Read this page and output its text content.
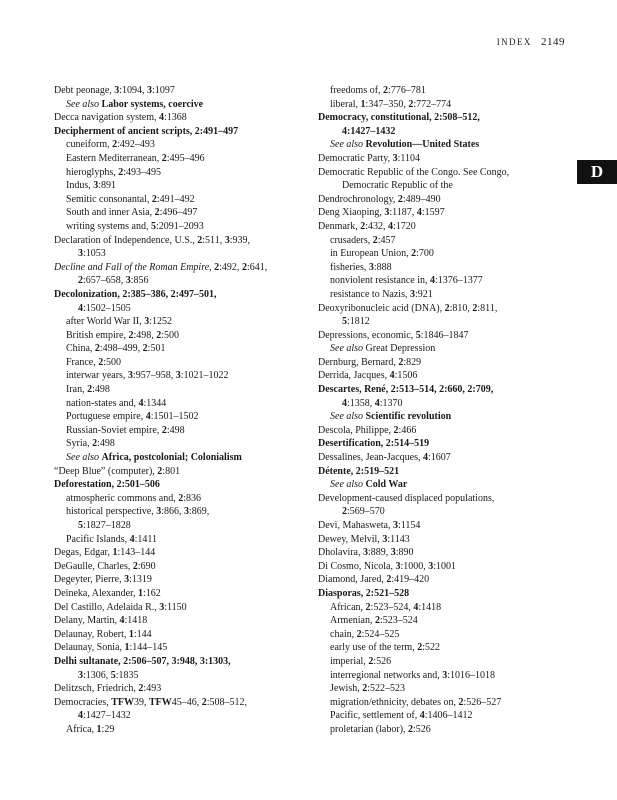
INDEX 2149
D
Debt peonage, 3:1094, 3:1097
See also Labor systems, coercive
Decca navigation system, 4:1368
Decipherment of ancient scripts, 2:491–497
cuneiform, 2:492–493
Eastern Mediterranean, 2:495–496
hieroglyphs, 2:493–495
Indus, 3:891
Semitic consonantal, 2:491–492
South and inner Asia, 2:496–497
writing systems and, 5:2091–2093
Declaration of Independence, U.S., 2:511, 3:939,
3:1053
Decline and Fall of the Roman Empire, 2:492, 2:641,
2:657–658, 3:856
Decolonization, 2:385–386, 2:497–501,
4:1502–1505
after World War II, 3:1252
British empire, 2:498, 2:500
China, 2:498–499, 2:501
France, 2:500
interwar years, 3:957–958, 3:1021–1022
Iran, 2:498
nation-states and, 4:1344
Portuguese empire, 4:1501–1502
Russian-Soviet empire, 2:498
Syria, 2:498
See also Africa, postcolonial; Colonialism
“Deep Blue” (computer), 2:801
Deforestation, 2:501–506
atmospheric commons and, 2:836
historical perspective, 3:866, 3:869,
5:1827–1828
Pacific Islands, 4:1411
Degas, Edgar, 1:143–144
DeGaulle, Charles, 2:690
Degeyter, Pierre, 3:1319
Deineka, Alexander, 1:162
Del Castillo, Adelaida R., 3:1150
Delany, Martin, 4:1418
Delaunay, Robert, 1:144
Delaunay, Sonia, 1:144–145
Delhi sultanate, 2:506–507, 3:948, 3:1303,
3:1306, 5:1835
Delitzsch, Friedrich, 2:493
Democracies, TFW39, TFW45–46, 2:508–512,
4:1427–1432
Africa, 1:29
freedoms of, 2:776–781
liberal, 1:347–350, 2:772–774
Democracy, constitutional, 2:508–512,
4:1427–1432
See also Revolution—United States
Democratic Party, 3:1104
Democratic Republic of the Congo. See Congo,
Democratic Republic of the
Dendrochronology, 2:489–490
Deng Xiaoping, 3:1187, 4:1597
Denmark, 2:432, 4:1720
crusaders, 2:457
in European Union, 2:700
fisheries, 3:888
nonviolent resistance in, 4:1376–1377
resistance to Nazis, 3:921
Deoxyribonucleic acid (DNA), 2:810, 2:811,
5:1812
Depressions, economic, 5:1846–1847
See also Great Depression
Dernburg, Bernard, 2:829
Derrida, Jacques, 4:1506
Descartes, René, 2:513–514, 2:660, 2:709,
4:1358, 4:1370
See also Scientific revolution
Descola, Philippe, 2:466
Desertification, 2:514–519
Dessalines, Jean-Jacques, 4:1607
Détente, 2:519–521
See also Cold War
Development-caused displaced populations,
2:569–570
Devi, Mahasweta, 3:1154
Dewey, Melvil, 3:1143
Dholavira, 3:889, 3:890
Di Cosmo, Nicola, 3:1000, 3:1001
Diamond, Jared, 2:419–420
Diasporas, 2:521–528
African, 2:523–524, 4:1418
Armenian, 2:523–524
chain, 2:524–525
early use of the term, 2:522
imperial, 2:526
interregional networks and, 3:1016–1018
Jewish, 2:522–523
migration/ethnicity, debates on, 2:526–527
Pacific, settlement of, 4:1406–1412
proletarian (labor), 2:526
